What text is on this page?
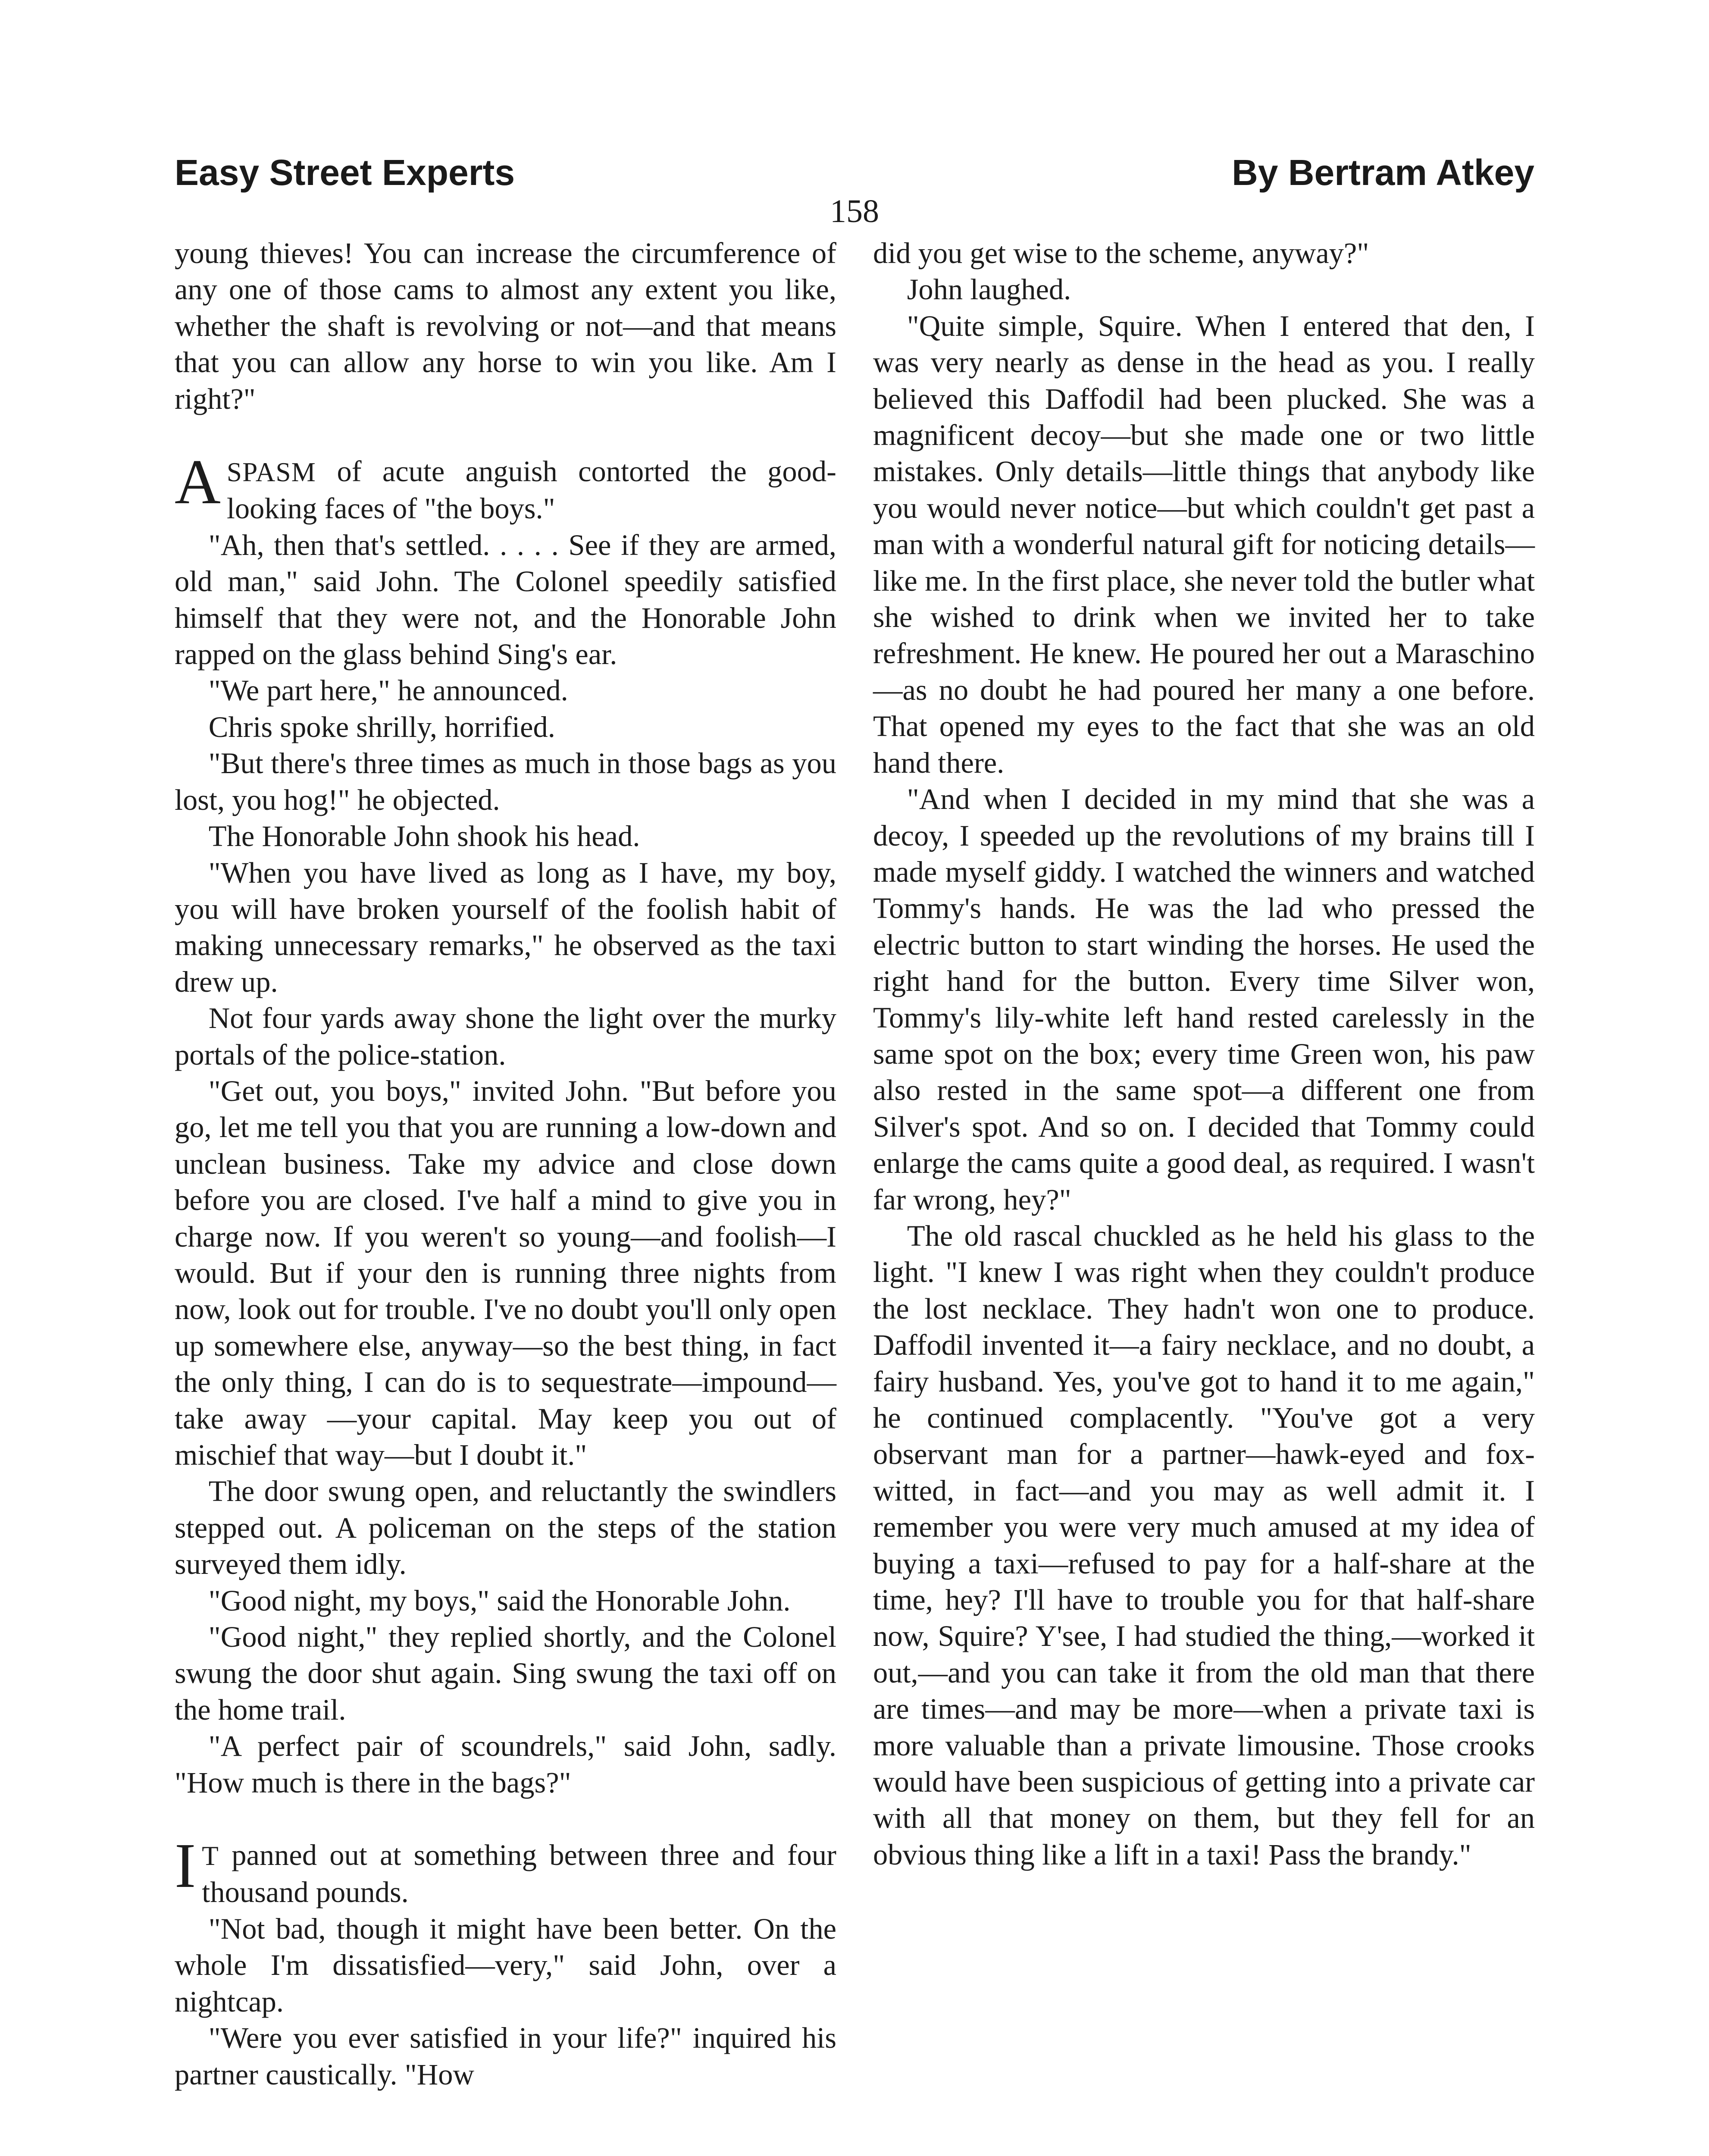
Easy Street Experts	By Bertram Atkey
158

young thieves! You can increase the circumference of any one of those cams to almost any extent you like, whether the shaft is revolving or not—and that means that you can allow any horse to win you like. Am I right?"

ASPASM of acute anguish contorted the good-looking faces of "the boys."

"Ah, then that's settled. . . . . See if they are armed, old man," said John. The Colonel speedily satisfied himself that they were not, and the Honorable John rapped on the glass behind Sing's ear.

"We part here," he announced.

Chris spoke shrilly, horrified.

"But there's three times as much in those bags as you lost, you hog!" he objected.

The Honorable John shook his head.

"When you have lived as long as I have, my boy, you will have broken yourself of the foolish habit of making unnecessary remarks," he observed as the taxi drew up.

Not four yards away shone the light over the murky portals of the police-station.

"Get out, you boys," invited John. "But before you go, let me tell you that you are running a low-down and unclean business. Take my advice and close down before you are closed. I've half a mind to give you in charge now. If you weren't so young—and foolish—I would. But if your den is running three nights from now, look out for trouble. I've no doubt you'll only open up somewhere else, anyway—so the best thing, in fact the only thing, I can do is to sequestrate—impound—take away —your capital. May keep you out of mischief that way—but I doubt it."

The door swung open, and reluctantly the swindlers stepped out. A policeman on the steps of the station surveyed them idly.

"Good night, my boys," said the Honorable John.

"Good night," they replied shortly, and the Colonel swung the door shut again. Sing swung the taxi off on the home trail.

"A perfect pair of scoundrels," said John, sadly. "How much is there in the bags?"

I T panned out at something between three and four thousand pounds.

"Not bad, though it might have been better. On the whole I'm dissatisfied—very," said John, over a nightcap.

"Were you ever satisfied in your life?" inquired his partner caustically. "How

did you get wise to the scheme, anyway?"

John laughed.

"Quite simple, Squire. When I entered that den, I was very nearly as dense in the head as you. I really believed this Daffodil had been plucked. She was a magnificent decoy—but she made one or two little mistakes. Only details—little things that anybody like you would never notice—but which couldn't get past a man with a wonderful natural gift for noticing details—like me. In the first place, she never told the butler what she wished to drink when we invited her to take refreshment. He knew. He poured her out a Maraschino—as no doubt he had poured her many a one before. That opened my eyes to the fact that she was an old hand there.

"And when I decided in my mind that she was a decoy, I speeded up the revolutions of my brains till I made myself giddy. I watched the winners and watched Tommy's hands. He was the lad who pressed the electric button to start winding the horses. He used the right hand for the button. Every time Silver won, Tommy's lily-white left hand rested carelessly in the same spot on the box; every time Green won, his paw also rested in the same spot—a different one from Silver's spot. And so on. I decided that Tommy could enlarge the cams quite a good deal, as required. I wasn't far wrong, hey?"

The old rascal chuckled as he held his glass to the light. "I knew I was right when they couldn't produce the lost necklace. They hadn't won one to produce. Daffodil invented it—a fairy necklace, and no doubt, a fairy husband. Yes, you've got to hand it to me again," he continued complacently. "You've got a very observant man for a partner—hawk-eyed and fox-witted, in fact—and you may as well admit it. I remember you were very much amused at my idea of buying a taxi—refused to pay for a half-share at the time, hey? I'll have to trouble you for that half-share now, Squire? Y'see, I had studied the thing,—worked it out,—and you can take it from the old man that there are times—and may be more—when a private taxi is more valuable than a private limousine. Those crooks would have been suspicious of getting into a private car with all that money on them, but they fell for an obvious thing like a lift in a taxi! Pass the brandy."
